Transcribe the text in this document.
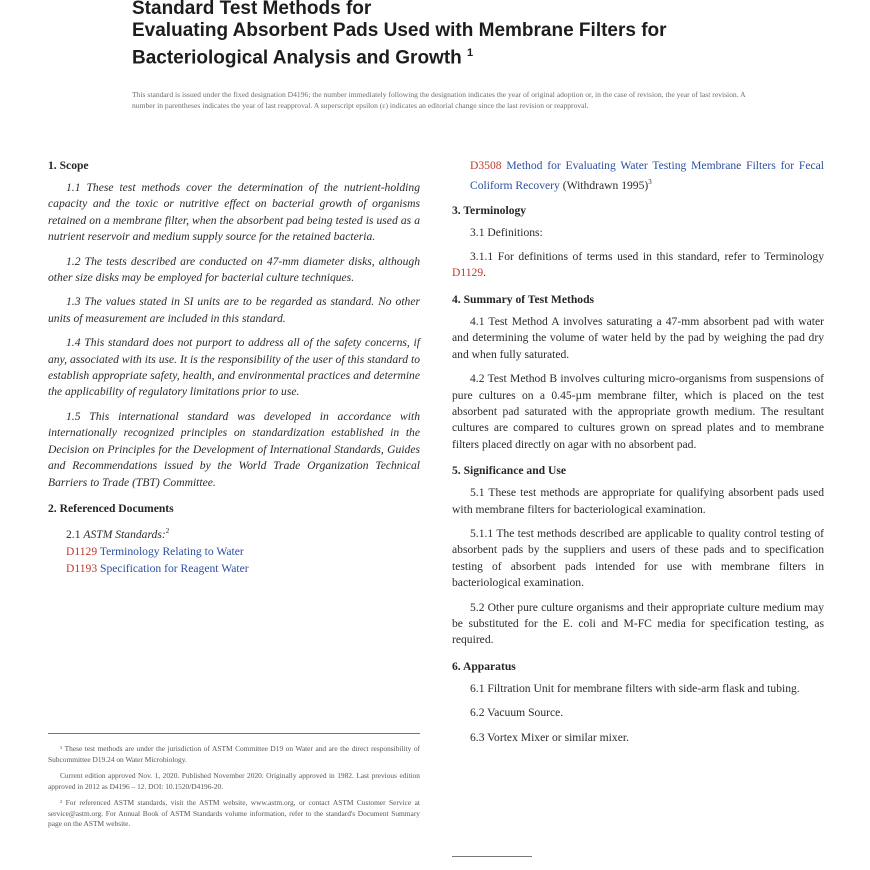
Standard Test Methods for
Evaluating Absorbent Pads Used with Membrane Filters for
Bacteriological Analysis and Growth $^1$
This standard is issued under the fixed designation D4196; the number immediately following the designation indicates the year of original adoption or, in the case of revision, the year of last revision. A number in parentheses indicates the year of last reapproval. A superscript epsilon (ε) indicates an editorial change since the last revision or reapproval.
1. Scope

1.1 These test methods cover the determination of the nutrient-holding capacity and the toxic or nutritive effect on bacterial growth of organisms retained on a membrane filter, when the absorbent pad being tested is used as a nutrient reservoir and medium supply source for the retained bacteria.

1.2 The tests described are conducted on 47-mm diameter disks, although other size disks may be employed for bacterial culture techniques.

1.3 The values stated in SI units are to be regarded as standard. No other units of measurement are included in this standard.

1.4 This standard does not purport to address all of the safety concerns, if any, associated with its use. It is the responsibility of the user of this standard to establish appropriate safety, health, and environmental practices and determine the applicability of regulatory limitations prior to use.

1.5 This international standard was developed in accordance with internationally recognized principles on standardization established in the Decision on Principles for the Development of International Standards, Guides and Recommendations issued by the World Trade Organization Technical Barriers to Trade (TBT) Committee.

2. Referenced Documents
2.1 ASTM Standards:$^2$
D1129 Terminology Relating to Water
D1193 Specification for Reagent Water

¹ These test methods are under the jurisdiction of ASTM Committee D19 on Water and are the direct responsibility of Subcommittee D19.24 on Water Microbiology.

Current edition approved Nov. 1, 2020. Published November 2020. Originally approved in 1982. Last previous edition approved in 2012 as D4196 – 12. DOI: 10.1520/D4196-20.

² For referenced ASTM standards, visit the ASTM website, www.astm.org, or contact ASTM Customer Service at service@astm.org. For Annual Book of ASTM Standards volume information, refer to the standard's Document Summary page on the ASTM website.

D3508 Method for Evaluating Water Testing Membrane Filters for Fecal Coliform Recovery (Withdrawn 1995)$^3$

3. Terminology

3.1 Definitions:

3.1.1 For definitions of terms used in this standard, refer to Terminology D1129.

4. Summary of Test Methods

4.1 Test Method A involves saturating a 47-mm absorbent pad with water and determining the volume of water held by the pad by weighing the pad dry and when fully saturated.

4.2 Test Method B involves culturing micro-organisms from suspensions of pure cultures on a 0.45-µm membrane filter, which is placed on the test absorbent pad saturated with the appropriate growth medium. The resultant cultures are compared to cultures grown on spread plates and to membrane filters placed directly on agar with no absorbent pad.

5. Significance and Use

5.1 These test methods are appropriate for qualifying absorbent pads used with membrane filters for bacteriological examination.

5.1.1 The test methods described are applicable to quality control testing of absorbent pads by the suppliers and users of these pads and to specification testing of absorbent pads intended for use with membrane filters in bacteriological examination.

5.2 Other pure culture organisms and their appropriate culture medium may be substituted for the E. coli and M-FC media for specification testing, as required.

6. Apparatus

6.1 Filtration Unit for membrane filters with side-arm flask and tubing.

6.2 Vacuum Source.

6.3 Vortex Mixer or similar mixer.
